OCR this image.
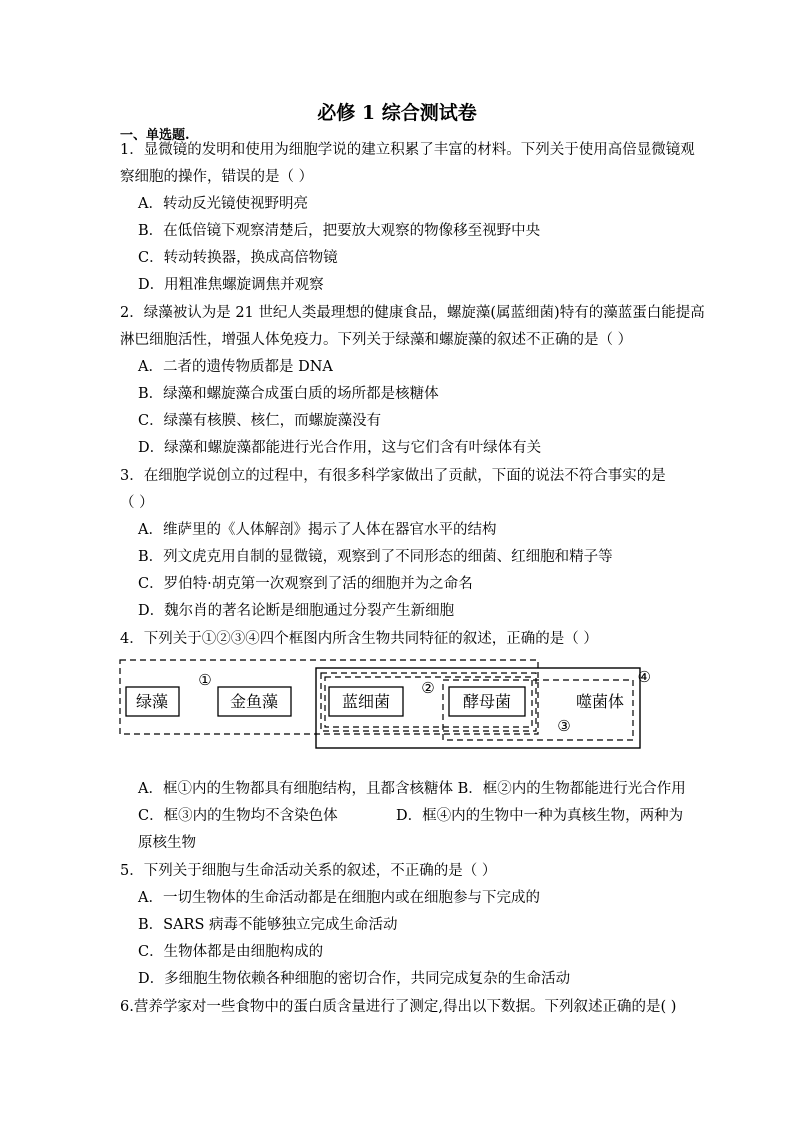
必修 1 综合测试卷
一、单选题.
1．显微镜的发明和使用为细胞学说的建立积累了丰富的材料。下列关于使用高倍显微镜观
察细胞的操作，错误的是（ ）
A．转动反光镜使视野明亮
B．在低倍镜下观察清楚后，把要放大观察的物像移至视野中央
C．转动转换器，换成高倍物镜
D．用粗准焦螺旋调焦并观察
2．绿藻被认为是 21 世纪人类最理想的健康食品，螺旋藻(属蓝细菌)特有的藻蓝蛋白能提高
淋巴细胞活性，增强人体免疫力。下列关于绿藻和螺旋藻的叙述不正确的是（ ）
A．二者的遗传物质都是 DNA
B．绿藻和螺旋藻合成蛋白质的场所都是核糖体
C．绿藻有核膜、核仁，而螺旋藻没有
D．绿藻和螺旋藻都能进行光合作用，这与它们含有叶绿体有关
3．在细胞学说创立的过程中，有很多科学家做出了贡献，下面的说法不符合事实的是
（ ）
A．维萨里的《人体解剖》揭示了人体在器官水平的结构
B．列文虎克用自制的显微镜，观察到了不同形态的细菌、红细胞和精子等
C．罗伯特·胡克第一次观察到了活的细胞并为之命名
D．魏尔肖的著名论断是细胞通过分裂产生新细胞
4．下列关于①②③④四个框图内所含生物共同特征的叙述，正确的是（ ）
绿藻	金鱼藻	蓝细菌	酵母菌	噬菌体
①	②
③
④
A．框①内的生物都具有细胞结构，且都含核糖体 B．框②内的生物都能进行光合作用
C．框③内的生物均不含染色体	D．框④内的生物中一种为真核生物，两种为
原核生物
5．下列关于细胞与生命活动关系的叙述，不正确的是（ ）
A．一切生物体的生命活动都是在细胞内或在细胞参与下完成的
B．SARS 病毒不能够独立完成生命活动
C．生物体都是由细胞构成的
D．多细胞生物依赖各种细胞的密切合作，共同完成复杂的生命活动
6.营养学家对一些食物中的蛋白质含量进行了测定,得出以下数据。下列叙述正确的是( )
